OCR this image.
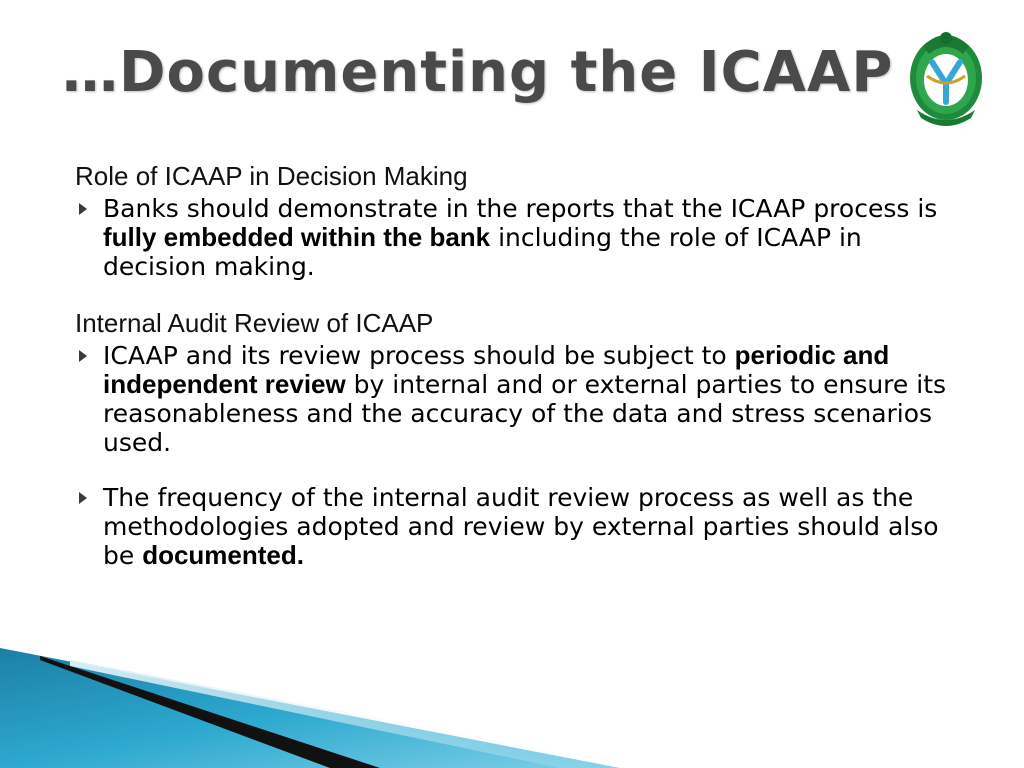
…Documenting the ICAAP
Role of ICAAP in Decision Making

Banks should demonstrate in the reports that the ICAAP process is fully embedded within the bank including the role of ICAAP in decision making.

Internal Audit Review of ICAAP

ICAAP and its review process should be subject to periodic and independent review by internal and or external parties to ensure its reasonableness and the accuracy of the data and stress scenarios used.

The frequency of the internal audit review process as well as the methodologies adopted and review by external parties should also be documented.
